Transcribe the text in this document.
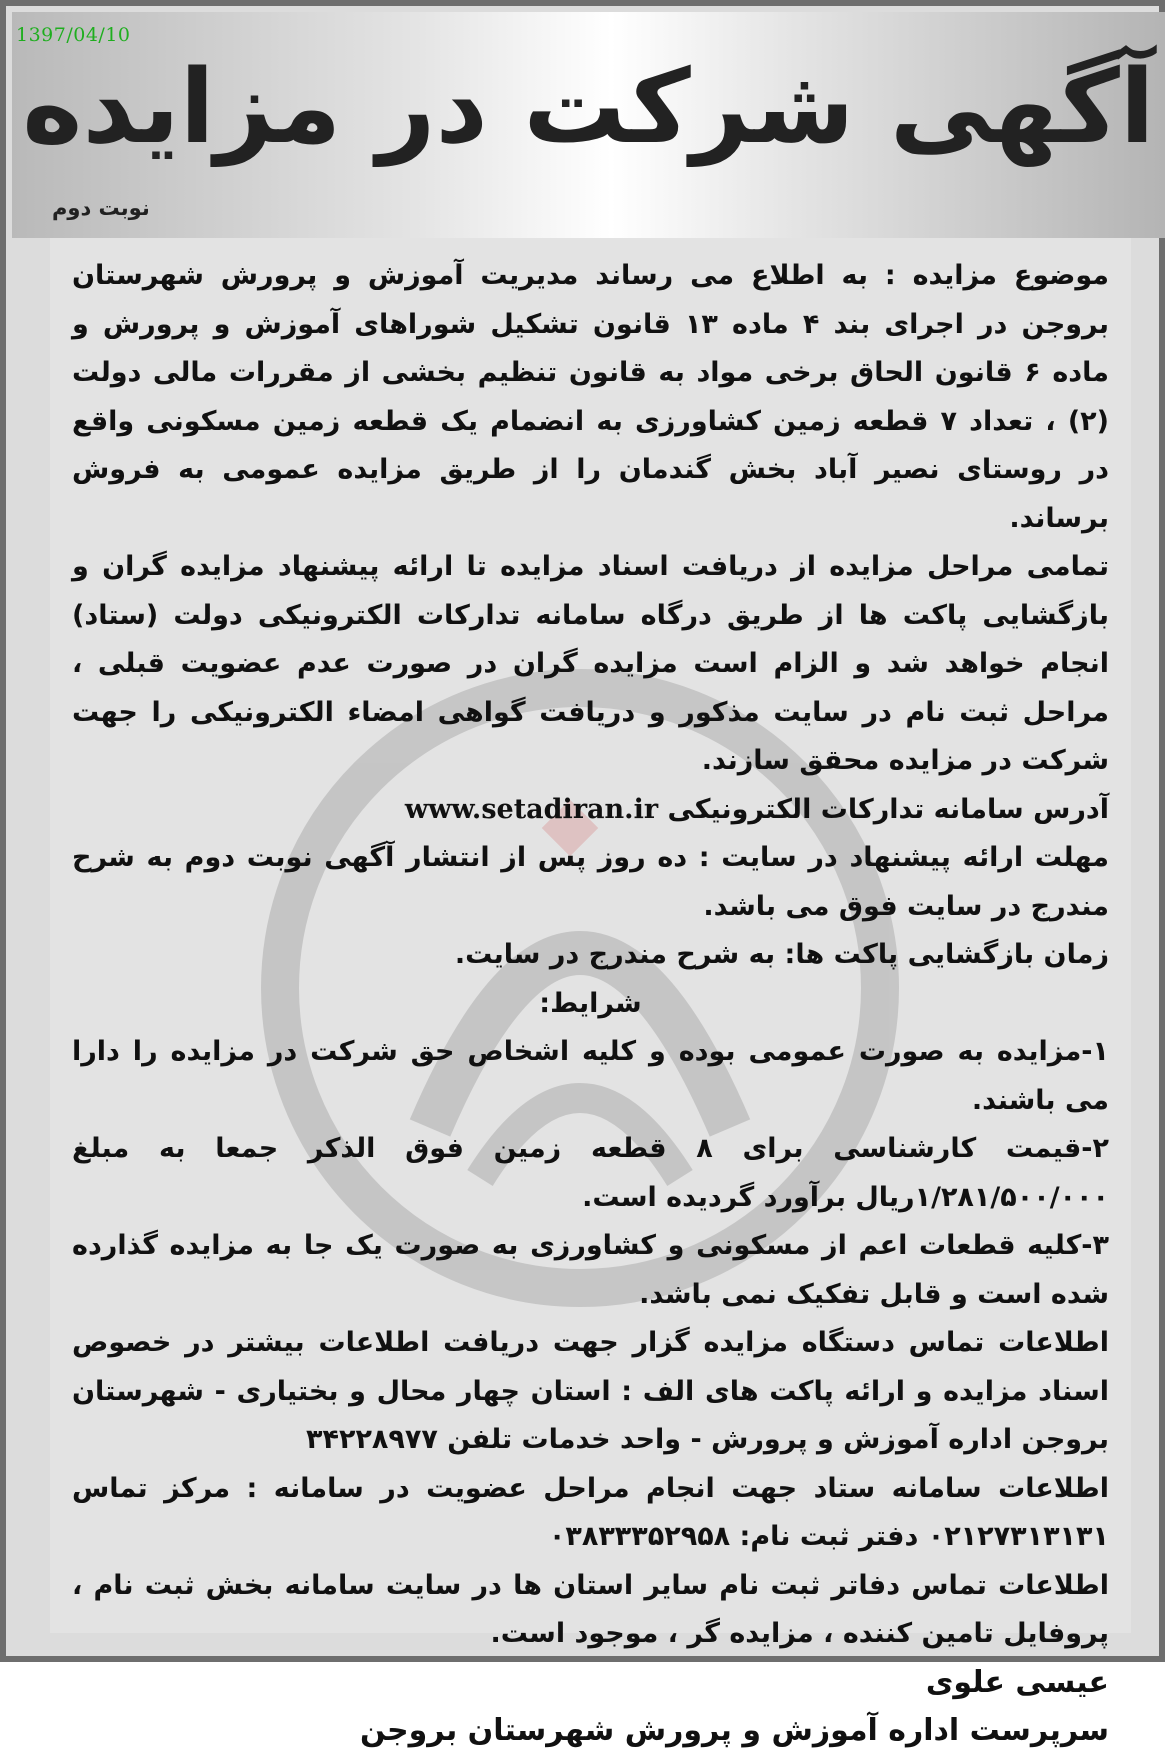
آگهی شرکت در مزایده
نوبت دوم
1397/04/10

موضوع مزایده : به اطلاع می رساند مدیریت آموزش و پرورش شهرستان بروجن در اجرای بند ۴ ماده ۱۳ قانون تشکیل شوراهای آموزش و پرورش و ماده ۶ قانون الحاق برخی مواد به قانون تنظیم بخشی از مقررات مالی دولت (۲) ، تعداد ۷ قطعه زمین کشاورزی به انضمام یک قطعه زمین مسکونی واقع در روستای نصیر آباد بخش گندمان را از طریق مزایده عمومی به فروش برساند.

تمامی مراحل مزایده از دریافت اسناد مزایده تا ارائه پیشنهاد مزایده گران و بازگشایی پاکت ها از طریق درگاه سامانه تدارکات الکترونیکی دولت (ستاد) انجام خواهد شد و الزام است مزایده گران در صورت عدم عضویت قبلی ، مراحل ثبت نام در سایت مذکور و دریافت گواهی امضاء الکترونیکی را جهت شرکت در مزایده محقق سازند.

آدرس سامانه تدارکات الکترونیکی www.setadiran.ir

مهلت ارائه پیشنهاد در سایت : ده روز پس از انتشار آگهی نوبت دوم به شرح مندرج در سایت فوق می باشد.

زمان بازگشایی پاکت ها: به شرح مندرج در سایت.

شرایط:

۱-مزایده به صورت عمومی بوده و کلیه اشخاص حق شرکت در مزایده را دارا می باشند.

۲-قیمت کارشناسی برای ۸ قطعه زمین فوق الذکر جمعا به مبلغ ۱/۲۸۱/۵۰۰/۰۰۰ریال برآورد گردیده است.

۳-کلیه قطعات اعم از مسکونی و کشاورزی به صورت یک جا به مزایده گذارده شده است و قابل تفکیک نمی باشد.

اطلاعات تماس دستگاه مزایده گزار جهت دریافت اطلاعات بیشتر در خصوص اسناد مزایده و ارائه پاکت های الف : استان چهار محال و بختیاری - شهرستان بروجن اداره آموزش و پرورش - واحد خدمات تلفن ۳۴۲۲۸۹۷۷

اطلاعات سامانه ستاد جهت انجام مراحل عضویت در سامانه : مرکز تماس ۰۲۱۲۷۳۱۳۱۳۱ دفتر ثبت نام: ۰۳۸۳۳۳۵۲۹۵۸

اطلاعات تماس دفاتر ثبت نام سایر استان ها در سایت سامانه بخش ثبت نام ، پروفایل تامین کننده ، مزایده گر ، موجود است.

عیسی علوی

سرپرست اداره آموزش و پرورش شهرستان بروجن
